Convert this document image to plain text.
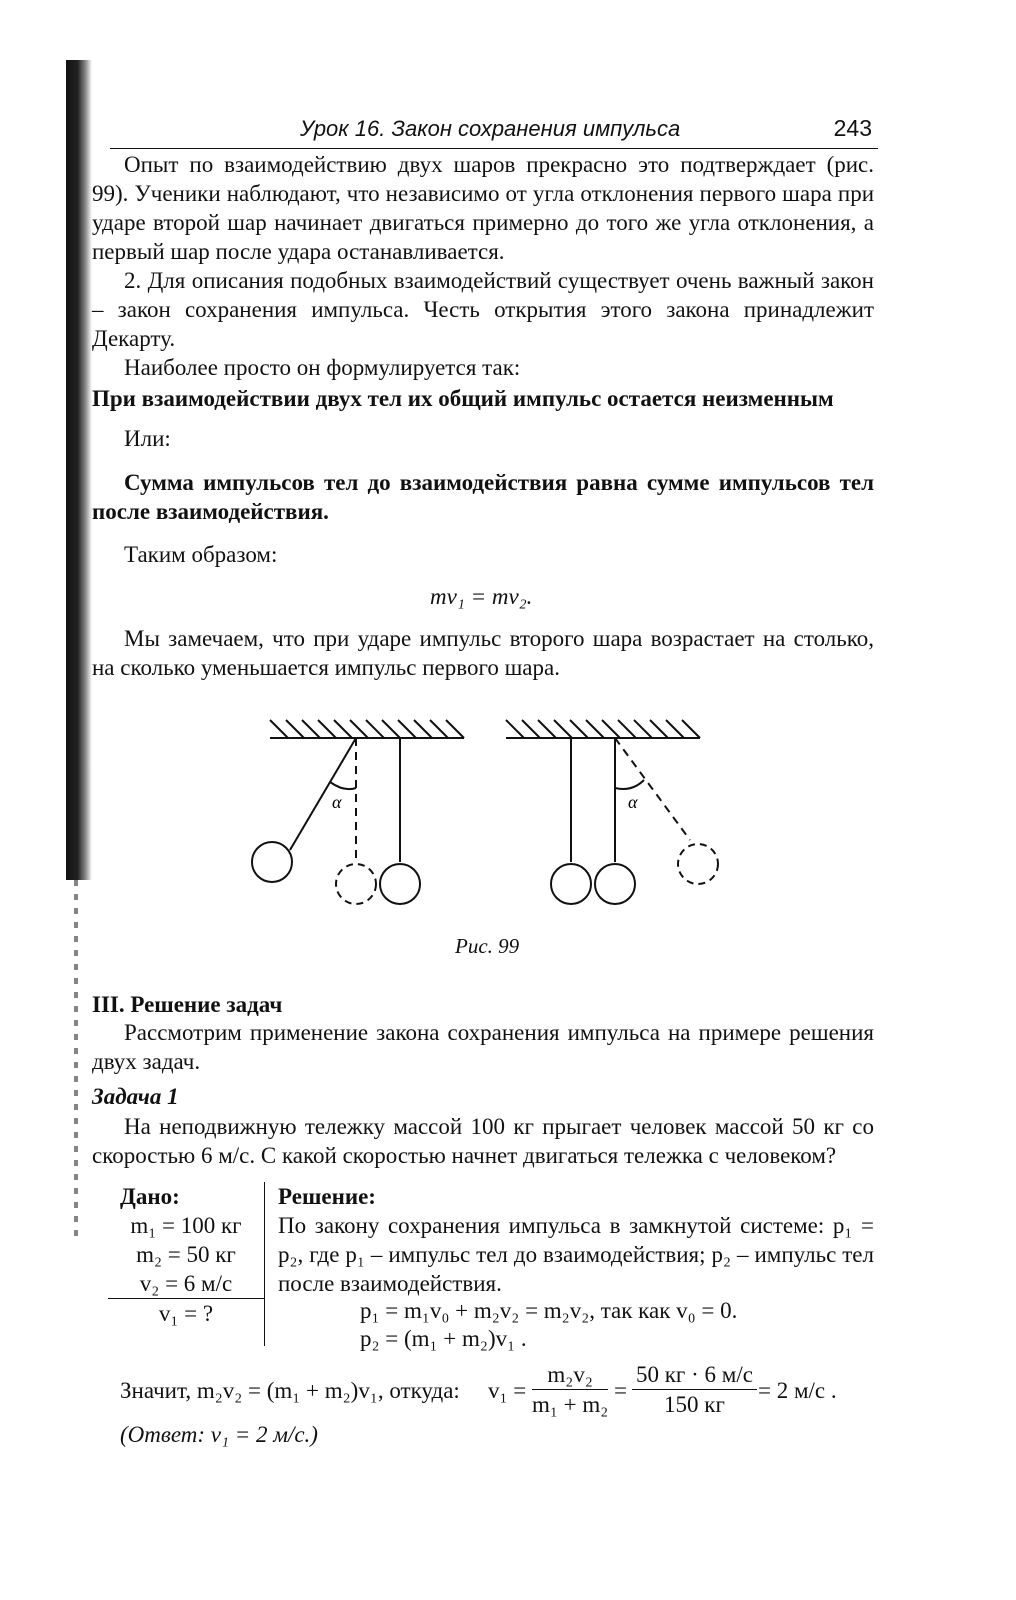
Урок 16. Закон сохранения импульса	243

Опыт по взаимодействию двух шаров прекрасно это подтверждает (рис. 99). Ученики наблюдают, что независимо от угла отклонения первого шара при ударе второй шар начинает двигаться примерно до того же угла отклонения, а первый шар после удара останавливается.

2. Для описания подобных взаимодействий существует очень важный закон – закон сохранения импульса. Честь открытия этого закона принадлежит Декарту.

Наиболее просто он формулируется так:

При взаимодействии двух тел их общий импульс остается неизменным
Или:
Сумма импульсов тел до взаимодействия равна сумме импульсов тел после взаимодействия.
Таким образом:
mv₁ = mv₂.
Мы замечаем, что при ударе импульс второго шара возрастает на столько, на сколько уменьшается импульс первого шара.
α	α
Рис. 99
III. Решение задач
Рассмотрим применение закона сохранения импульса на примере решения двух задач.
Задача 1
На неподвижную тележку массой 100 кг прыгает человек массой 50 кг со скоростью 6 м/с. С какой скоростью начнет двигаться тележка с человеком?
Дано:
m₁ = 100 кг
m₂ = 50 кг
v₂ = 6 м/с
v₁ = ?
Решение:
По закону сохранения импульса в замкнутой системе: p₁ = p₂, где p₁ – импульс тел до взаимодействия; p₂ – импульс тел после взаимодействия.
p₁ = m₁v₀ + m₂v₂ = m₂v₂, так как v₀ = 0.
p₂ = (m₁ + m₂)v₁ .
Значит, m₂v₂ = (m₁ + m₂)v₁, откуда: $v_1 = \frac{\text{m₂v₂}}{\text{m₁ + m₂}}$ =
50 кг · 6 м/с
150 кг
= 2 м/с .
(Ответ: v₁ = 2 м/с.)
